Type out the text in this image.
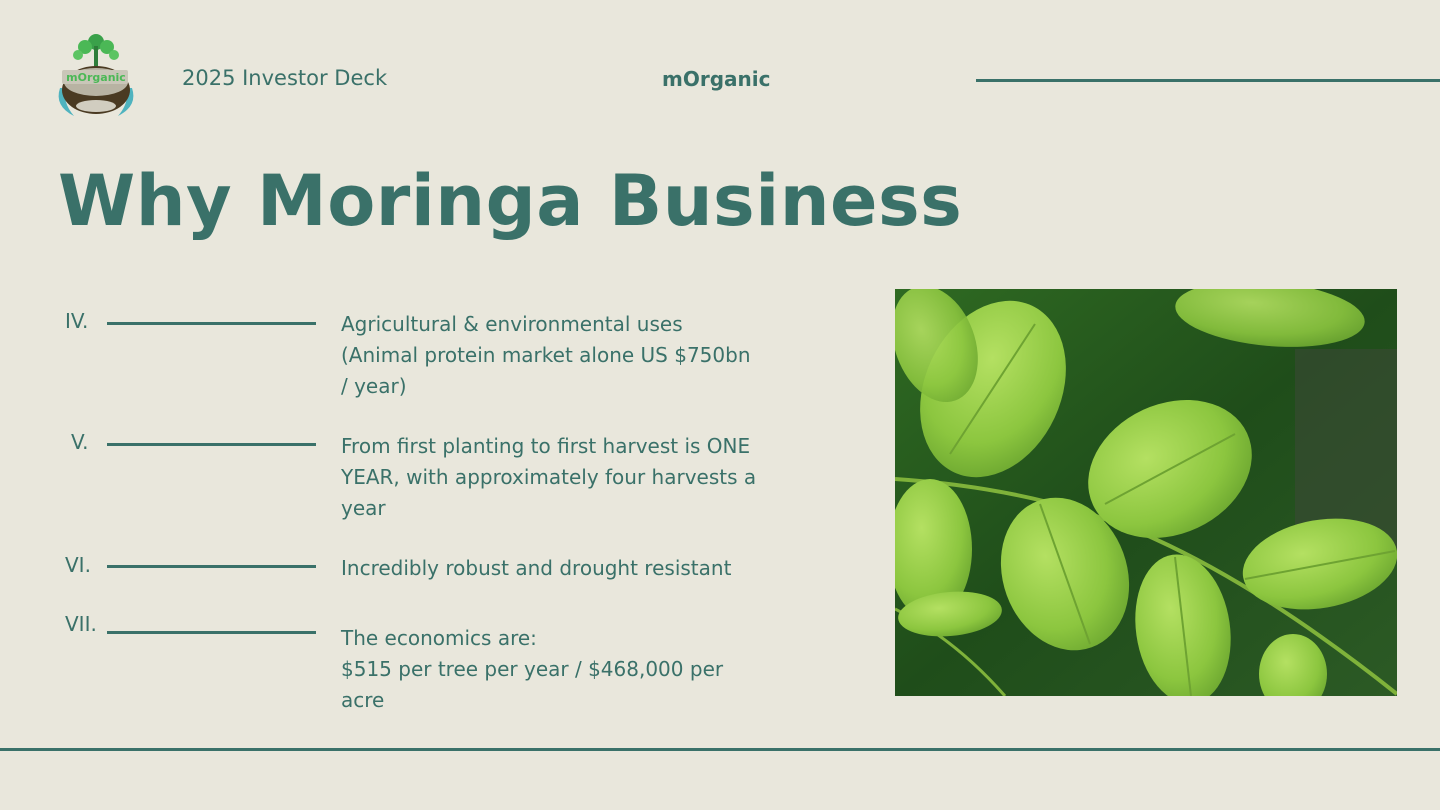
mOrganic	2025 Investor Deck	mOrganic
Why Moringa Business
IV.	Agricultural & environmental uses
(Animal protein market alone US $750bn
/ year)
V.	From first planting to first harvest is ONE
YEAR, with approximately four harvests a
year
VI.	Incredibly robust and drought resistant
VII.
The economics are:
$515 per tree per year / $468,000 per
acre
